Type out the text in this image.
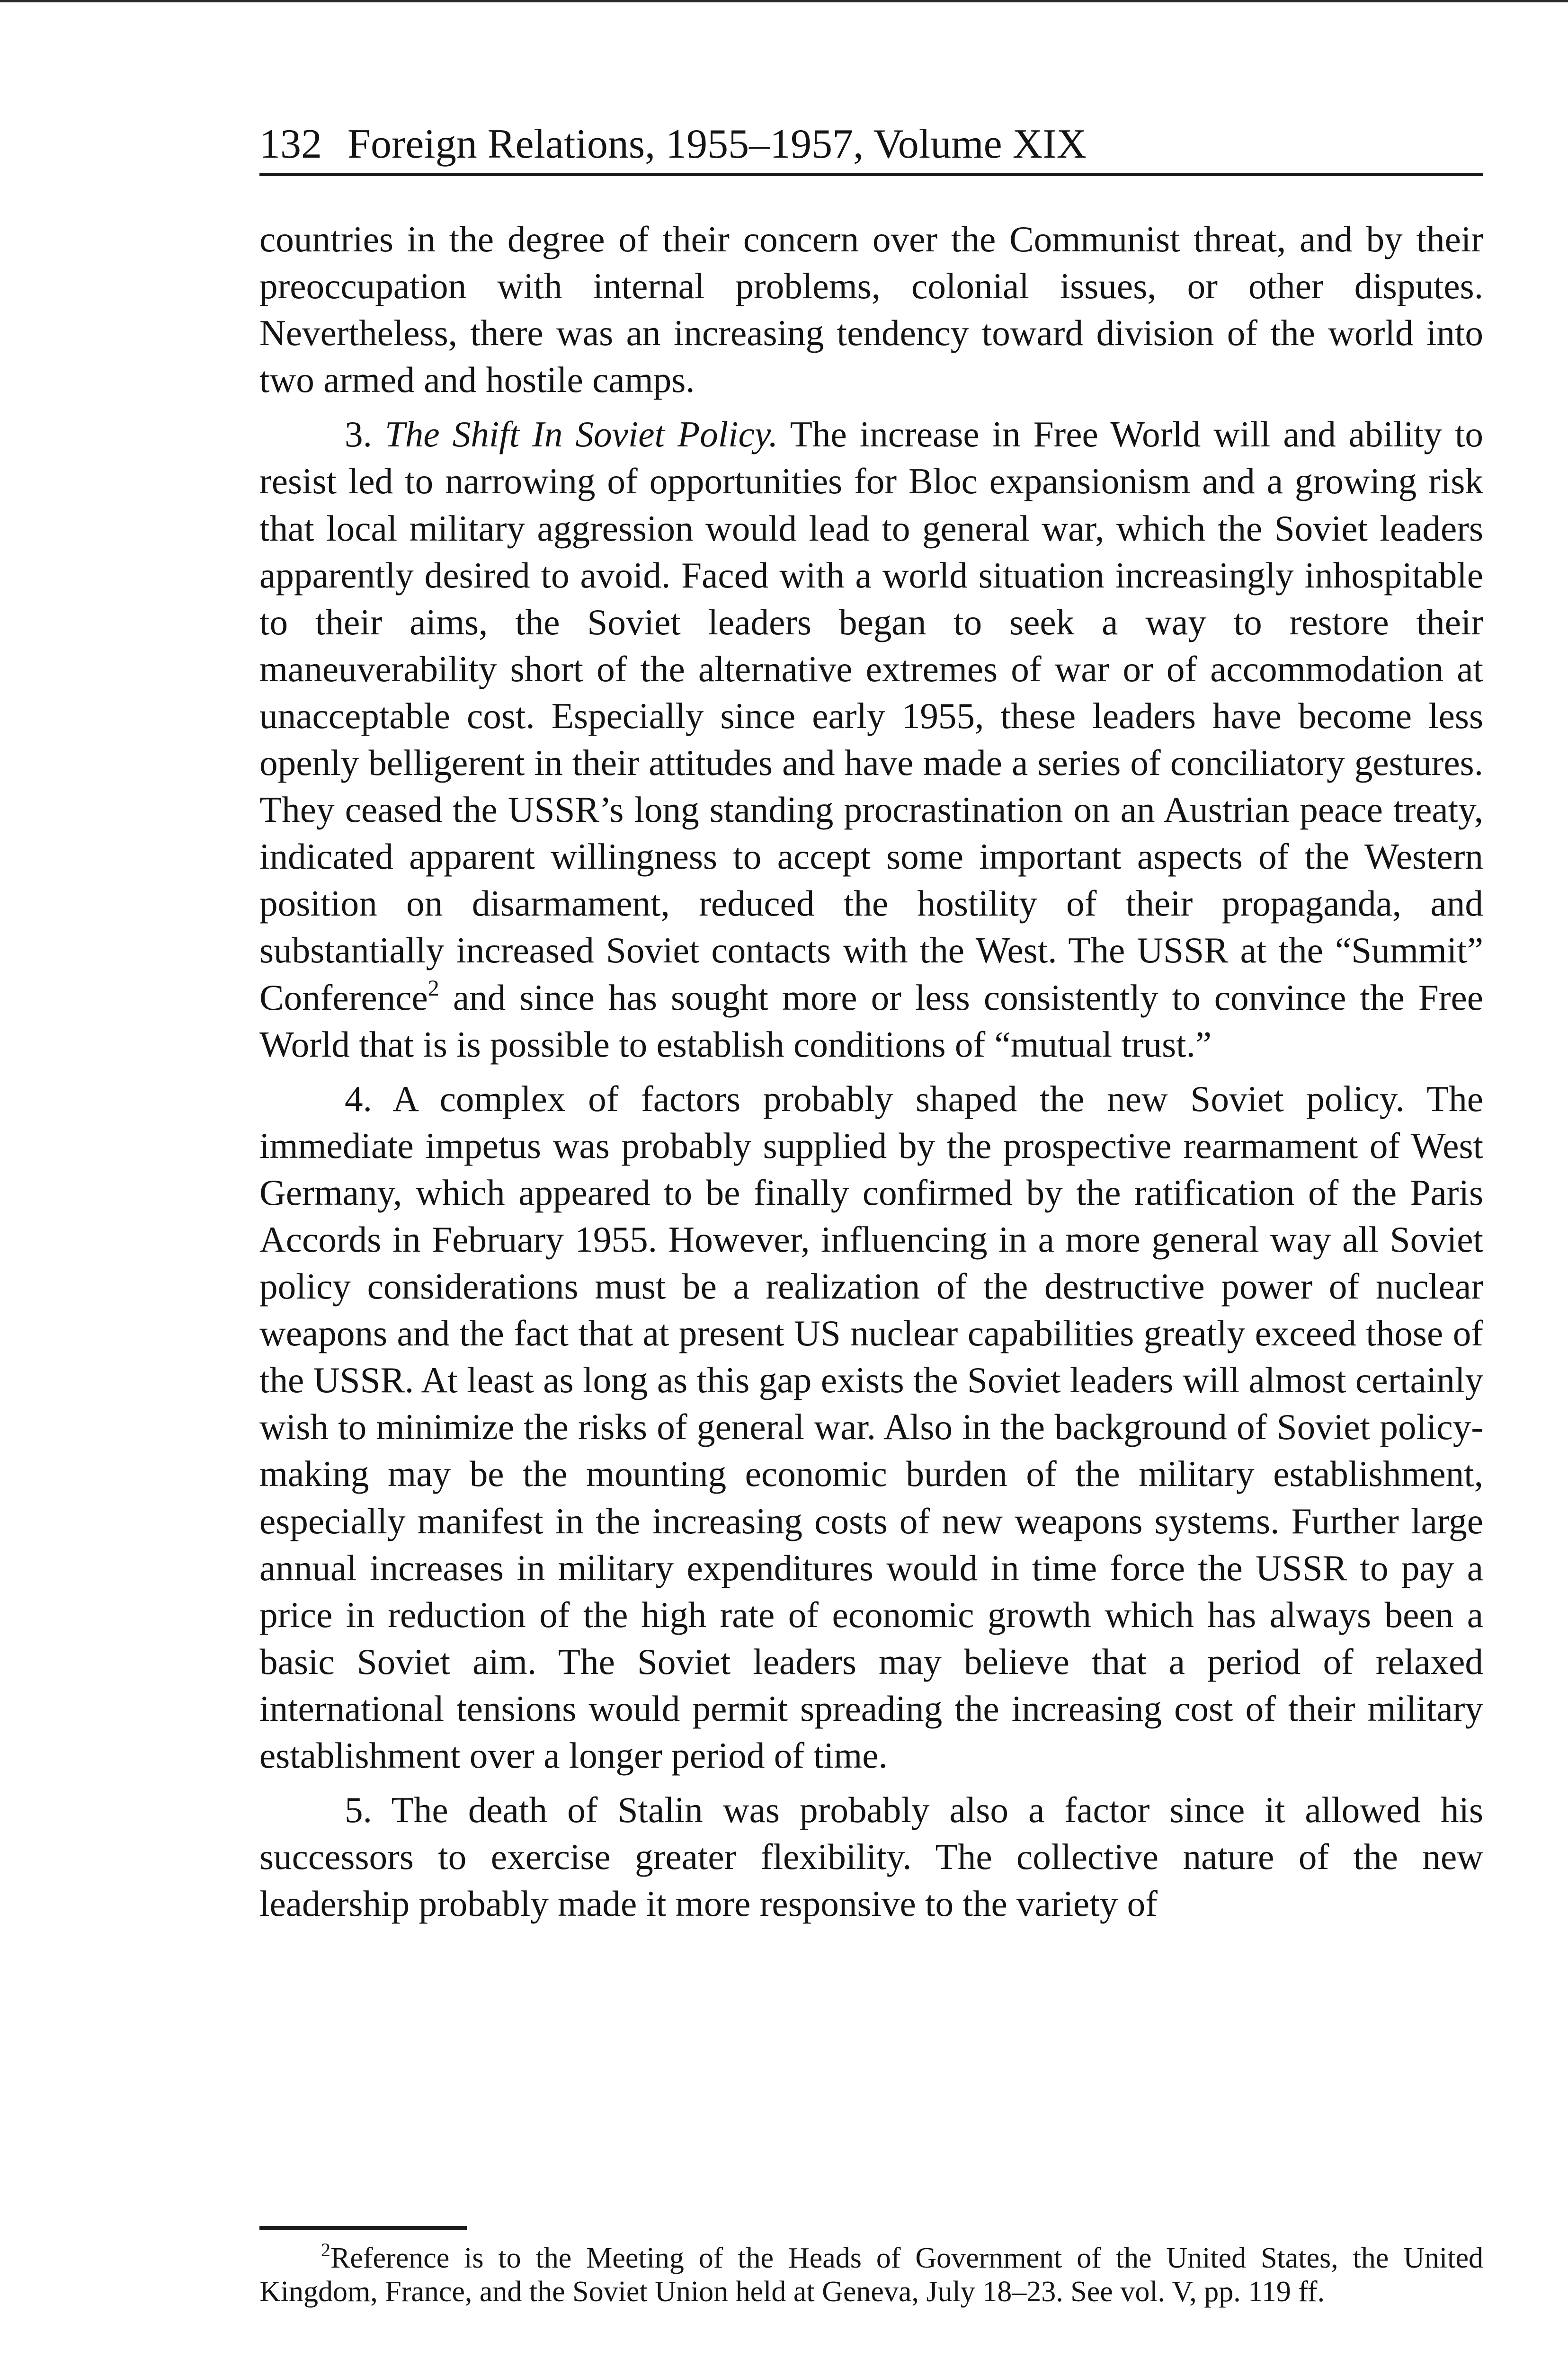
132 Foreign Relations, 1955–1957, Volume XIX

countries in the degree of their concern over the Communist threat, and by their preoccupation with internal problems, colonial issues, or other disputes. Nevertheless, there was an increasing tendency toward division of the world into two armed and hostile camps.

3. The Shift In Soviet Policy. The increase in Free World will and ability to resist led to narrowing of opportunities for Bloc expansionism and a growing risk that local military aggression would lead to general war, which the Soviet leaders apparently desired to avoid. Faced with a world situation increasingly inhospitable to their aims, the Soviet leaders began to seek a way to restore their maneuverability short of the alternative extremes of war or of accommodation at unacceptable cost. Especially since early 1955, these leaders have become less openly belligerent in their attitudes and have made a series of conciliatory gestures. They ceased the USSR’s long standing procrastination on an Austrian peace treaty, indicated apparent willingness to accept some important aspects of the Western position on disarmament, reduced the hostility of their propaganda, and substantially increased Soviet contacts with the West. The USSR at the “Summit” Conference$^2$ and since has sought more or less consistently to convince the Free World that is is possible to establish conditions of “mutual trust.”

4. A complex of factors probably shaped the new Soviet policy. The immediate impetus was probably supplied by the prospective rearmament of West Germany, which appeared to be finally confirmed by the ratification of the Paris Accords in February 1955. However, influencing in a more general way all Soviet policy considerations must be a realization of the destructive power of nuclear weapons and the fact that at present US nuclear capabilities greatly exceed those of the USSR. At least as long as this gap exists the Soviet leaders will almost certainly wish to minimize the risks of general war. Also in the background of Soviet policy-making may be the mounting economic burden of the military establishment, especially manifest in the increasing costs of new weapons systems. Further large annual increases in military expenditures would in time force the USSR to pay a price in reduction of the high rate of economic growth which has always been a basic Soviet aim. The Soviet leaders may believe that a period of relaxed international tensions would permit spreading the increasing cost of their military establishment over a longer period of time.

5. The death of Stalin was probably also a factor since it allowed his successors to exercise greater flexibility. The collective nature of the new leadership probably made it more responsive to the variety of

$^2$Reference is to the Meeting of the Heads of Government of the United States, the United Kingdom, France, and the Soviet Union held at Geneva, July 18–23. See vol. V, pp. 119 ff.
